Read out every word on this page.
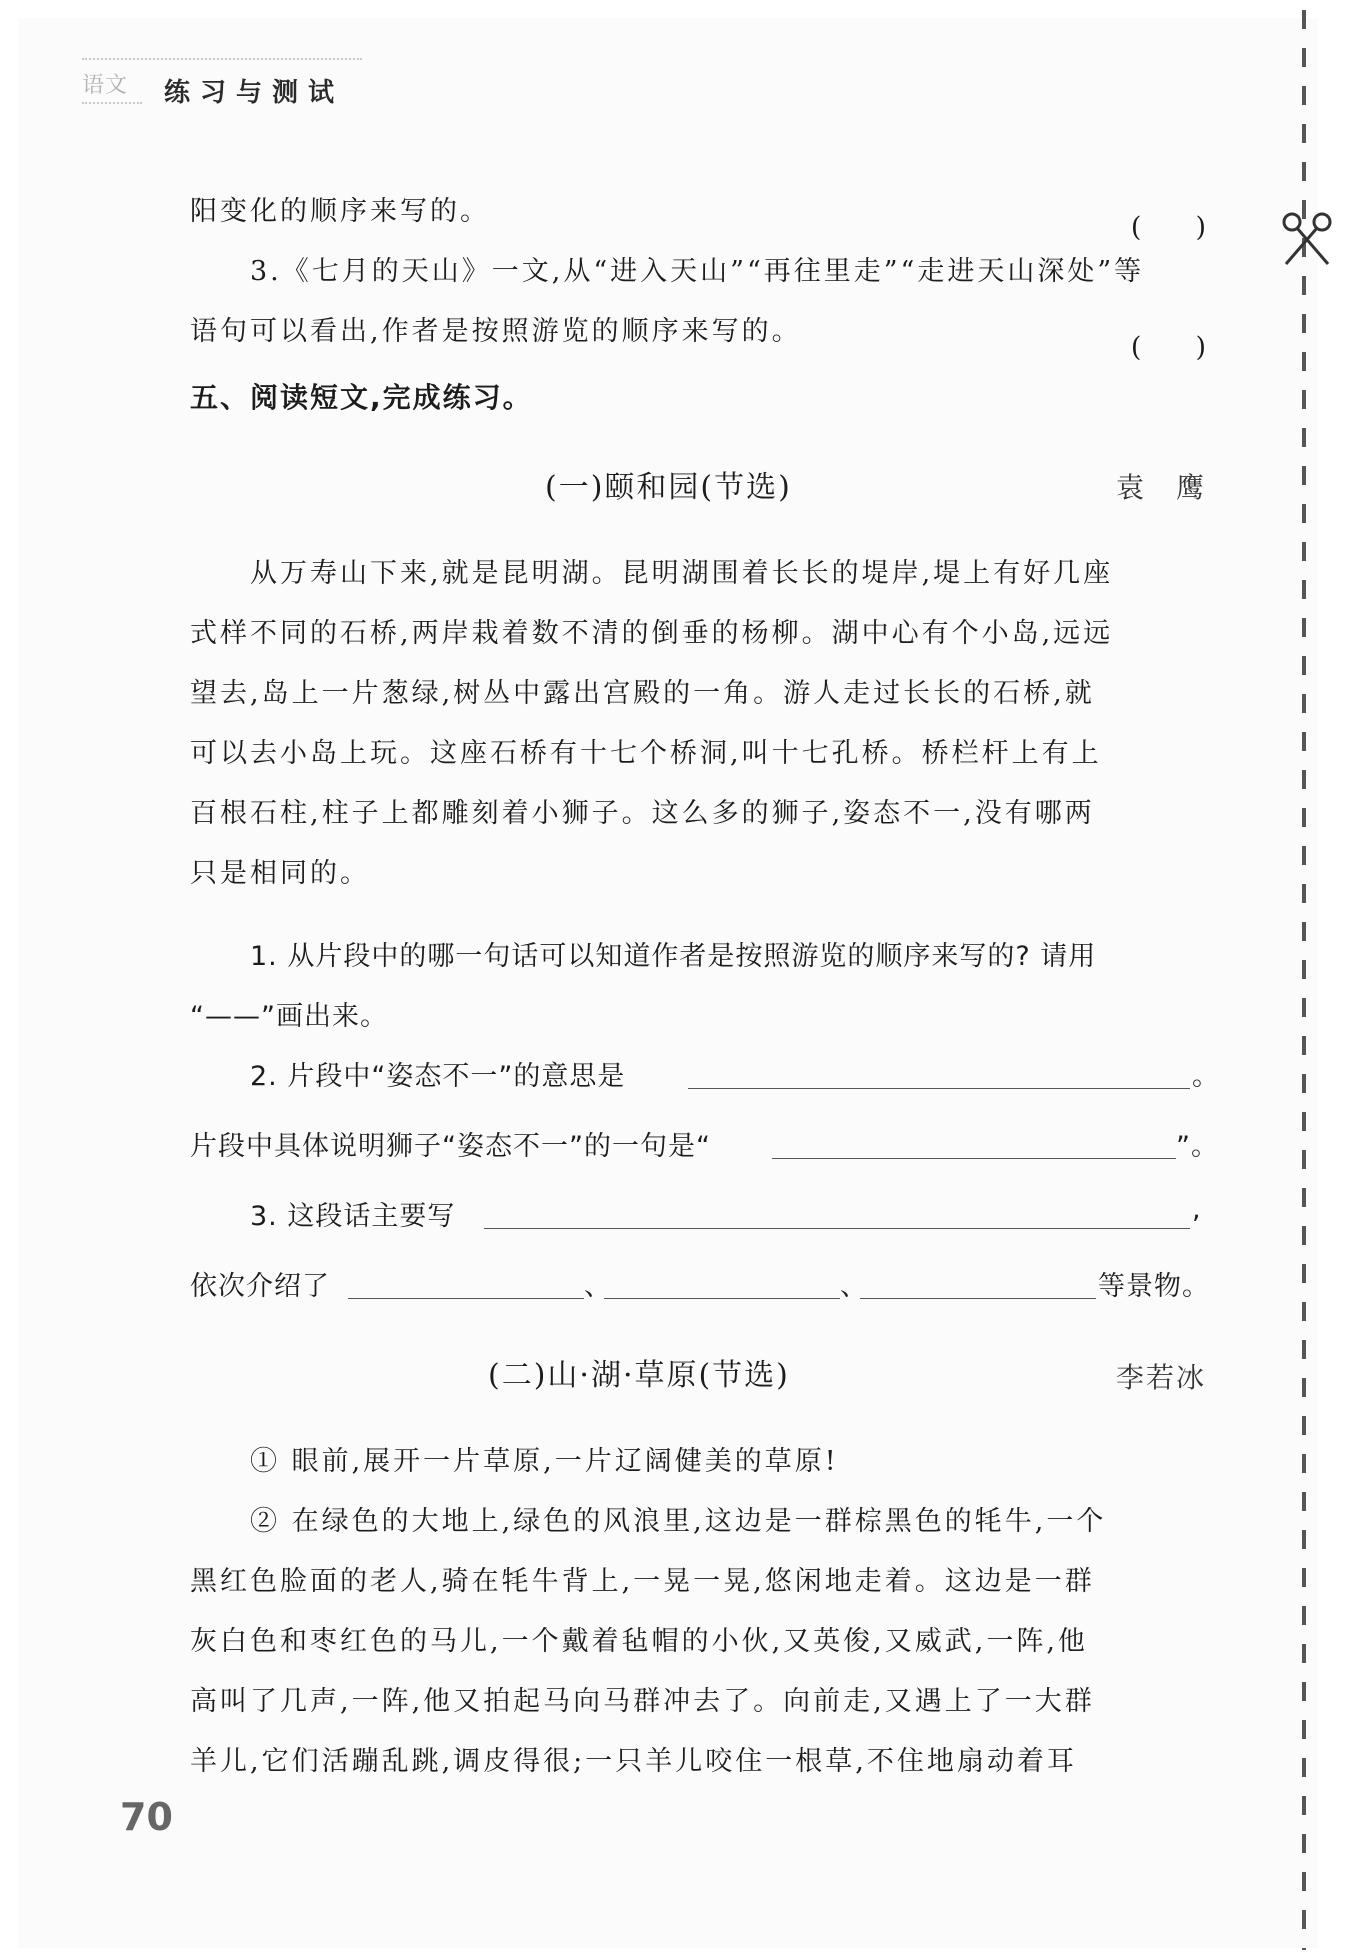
语文 练习与测试
阳变化的顺序来写的。
(　　)
3.《七月的天山》一文,从“进入天山”“再往里走”“走进天山深处”等
语句可以看出,作者是按照游览的顺序来写的。
(　　)
五、阅读短文,完成练习。
(一)颐和园(节选)	袁　鹰
从万寿山下来,就是昆明湖。昆明湖围着长长的堤岸,堤上有好几座
式样不同的石桥,两岸栽着数不清的倒垂的杨柳。湖中心有个小岛,远远
望去,岛上一片葱绿,树丛中露出宫殿的一角。游人走过长长的石桥,就
可以去小岛上玩。这座石桥有十七个桥洞,叫十七孔桥。桥栏杆上有上
百根石柱,柱子上都雕刻着小狮子。这么多的狮子,姿态不一,没有哪两
只是相同的。
1. 从片段中的哪一句话可以知道作者是按照游览的顺序来写的? 请用
“——”画出来。
2. 片段中“姿态不一”的意思是	。
片段中具体说明狮子“姿态不一”的一句是“	”。
3. 这段话主要写	,
依次介绍了	、	、	等景物。
(二)山·湖·草原(节选)	李若冰
① 眼前,展开一片草原,一片辽阔健美的草原!
② 在绿色的大地上,绿色的风浪里,这边是一群棕黑色的牦牛,一个
黑红色脸面的老人,骑在牦牛背上,一晃一晃,悠闲地走着。这边是一群
灰白色和枣红色的马儿,一个戴着毡帽的小伙,又英俊,又威武,一阵,他
高叫了几声,一阵,他又拍起马向马群冲去了。向前走,又遇上了一大群
羊儿,它们活蹦乱跳,调皮得很;一只羊儿咬住一根草,不住地扇动着耳
70
